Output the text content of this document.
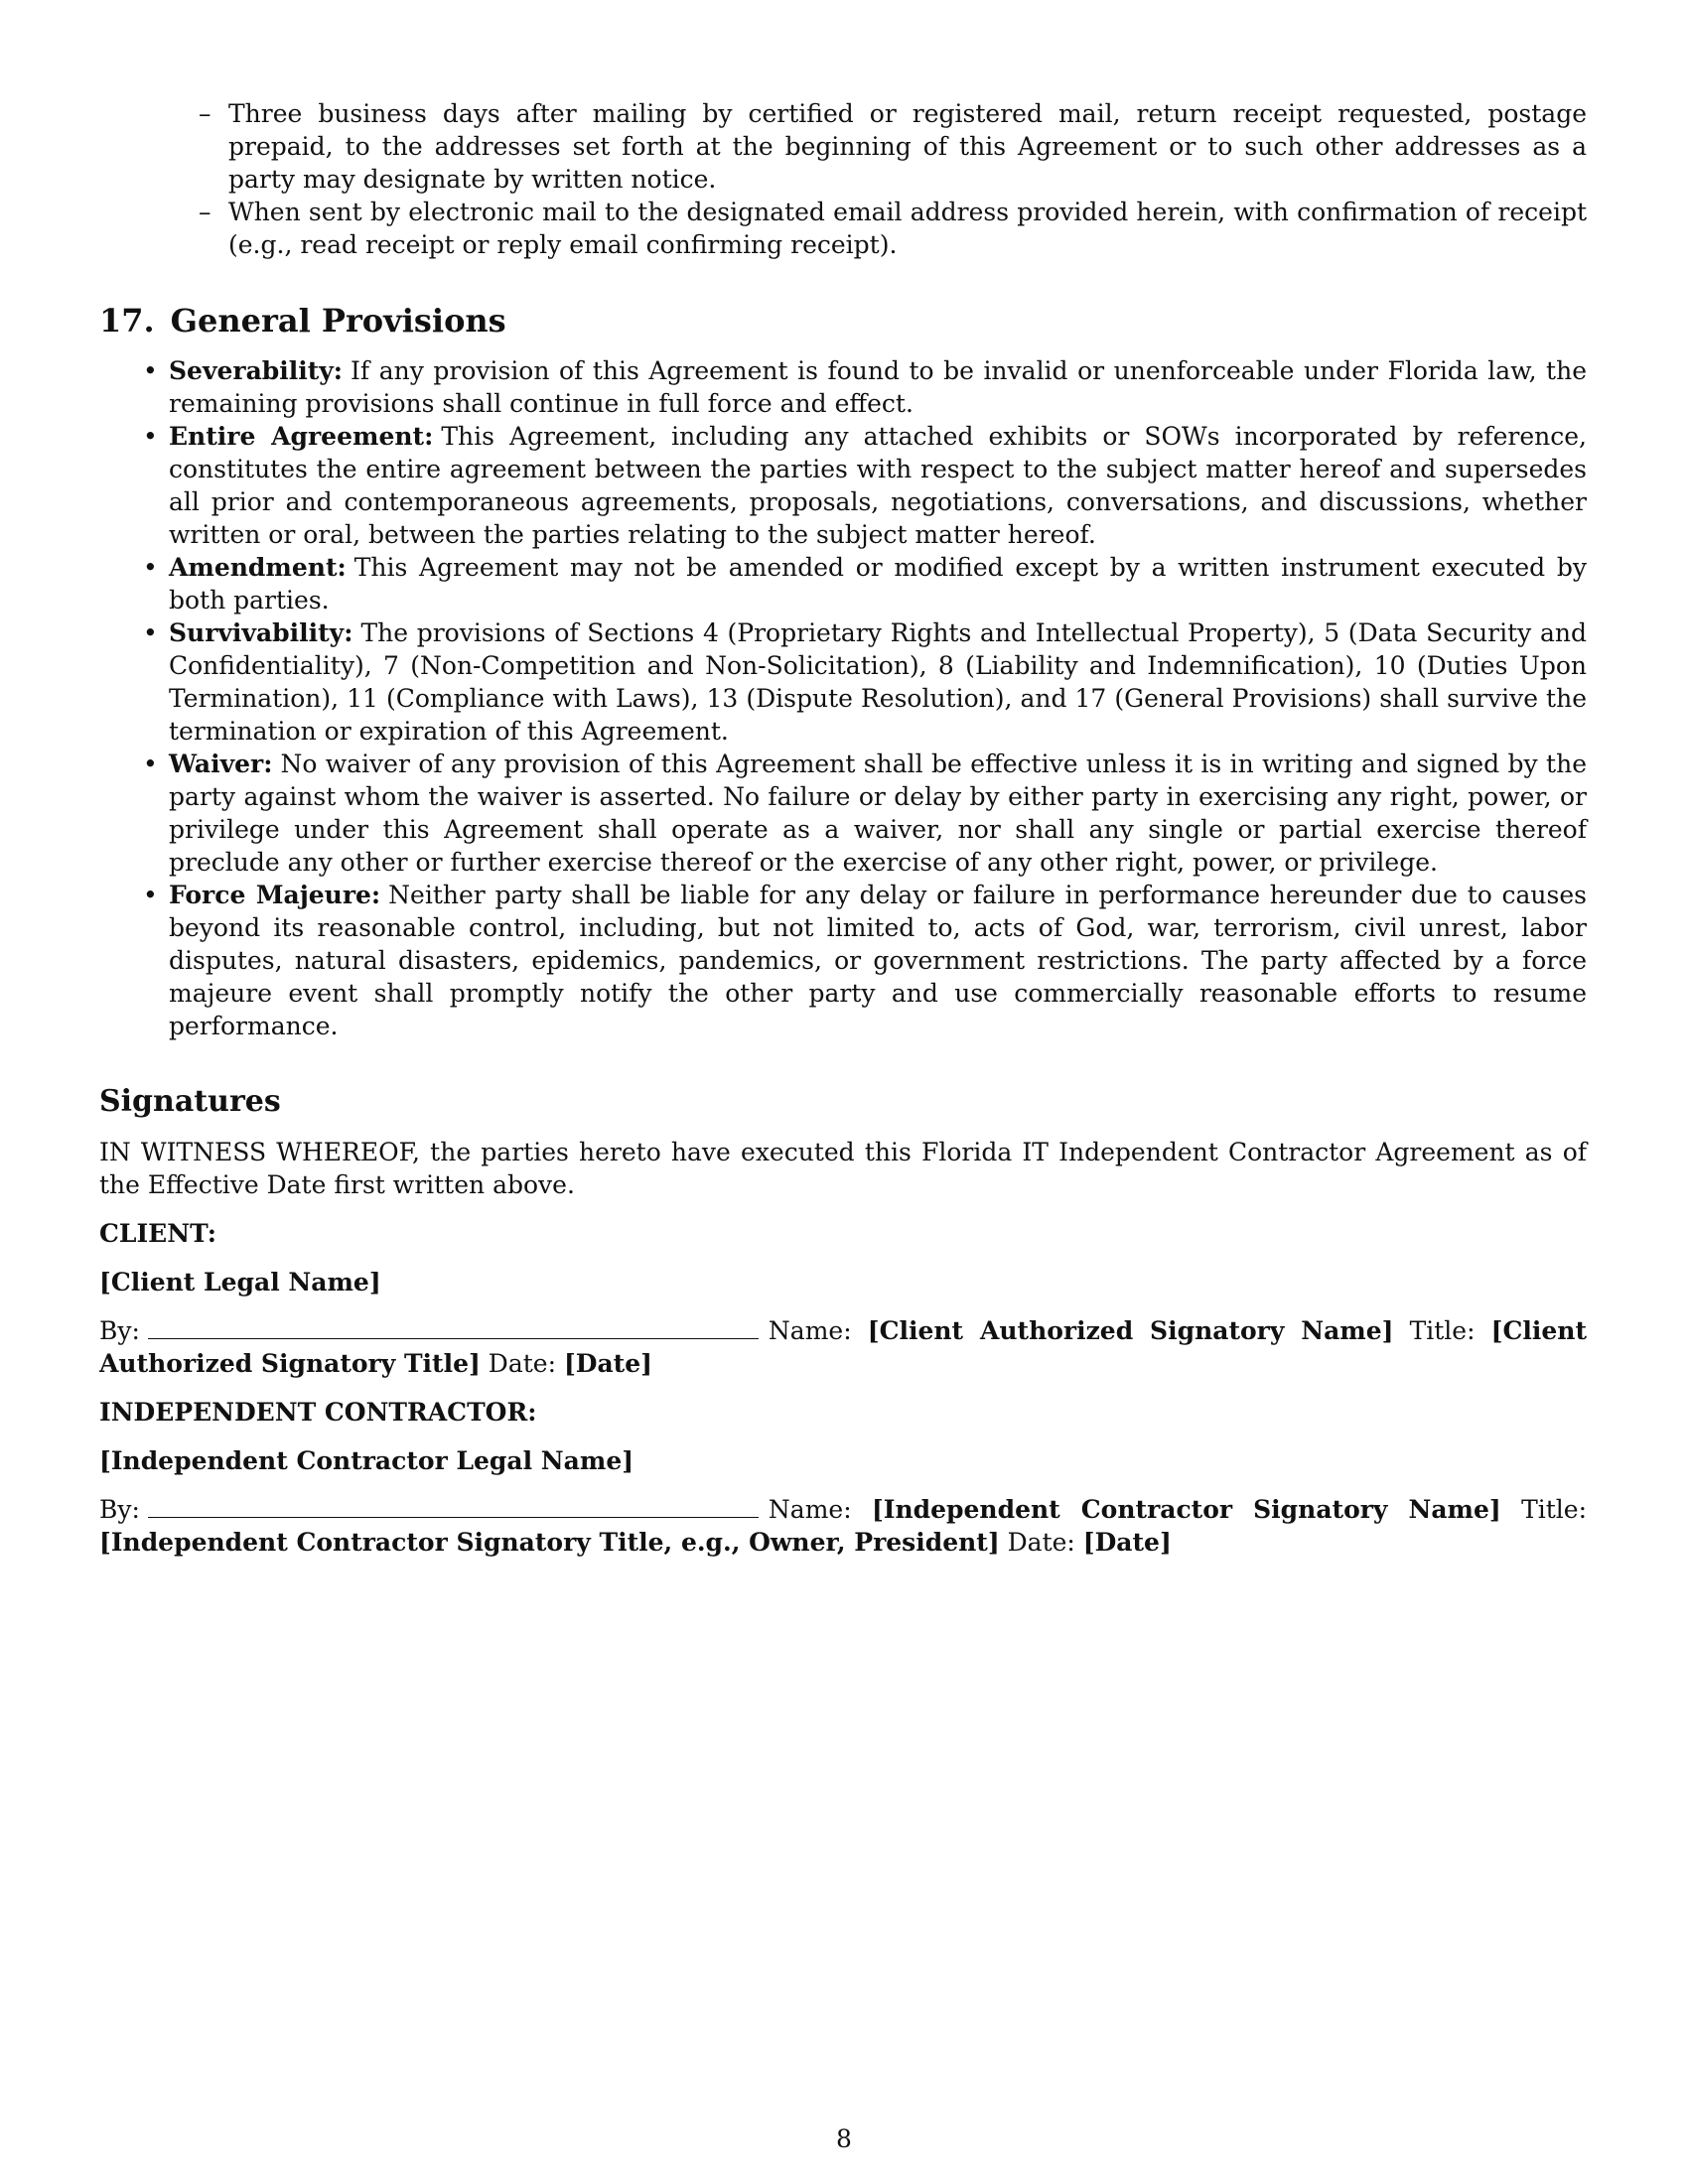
– Three business days after mailing by certified or registered mail, return receipt requested, postage prepaid, to the addresses set forth at the beginning of this Agreement or to such other addresses as a party may designate by written notice.
– When sent by electronic mail to the designated email address provided herein, with confirmation of receipt (e.g., read receipt or reply email confirming receipt).
17. General Provisions
• Severability: If any provision of this Agreement is found to be invalid or unenforceable under Florida law, the remaining provisions shall continue in full force and effect.
• Entire Agreement: This Agreement, including any attached exhibits or SOWs incorporated by reference, constitutes the entire agreement between the parties with respect to the subject matter hereof and supersedes all prior and contemporaneous agreements, proposals, negotiations, conversations, and discussions, whether written or oral, between the parties relating to the subject matter hereof.
• Amendment: This Agreement may not be amended or modified except by a written instrument executed by both parties.
• Survivability: The provisions of Sections 4 (Proprietary Rights and Intellectual Property), 5 (Data Security and Confidentiality), 7 (Non-Competition and Non-Solicitation), 8 (Liability and Indemnification), 10 (Duties Upon Termination), 11 (Compliance with Laws), 13 (Dispute Resolution), and 17 (General Provisions) shall survive the termination or expiration of this Agreement.
• Waiver: No waiver of any provision of this Agreement shall be effective unless it is in writing and signed by the party against whom the waiver is asserted. No failure or delay by either party in exercising any right, power, or privilege under this Agreement shall operate as a waiver, nor shall any single or partial exercise thereof preclude any other or further exercise thereof or the exercise of any other right, power, or privilege.
• Force Majeure: Neither party shall be liable for any delay or failure in performance hereunder due to causes beyond its reasonable control, including, but not limited to, acts of God, war, terrorism, civil unrest, labor disputes, natural disasters, epidemics, pandemics, or government restrictions. The party affected by a force majeure event shall promptly notify the other party and use commercially reasonable efforts to resume performance.
Signatures

IN WITNESS WHEREOF, the parties hereto have executed this Florida IT Independent Contractor Agreement as of the Effective Date first written above.

CLIENT:
[Client Legal Name]
By:	Name: [Client Authorized Signatory Name] Title: [Client Authorized Signatory Title] Date: [Date]
INDEPENDENT CONTRACTOR:
[Independent Contractor Legal Name]
By:	Name: [Independent Contractor Signatory Name] Title: [Independent Contractor Signatory Title, e.g., Owner, President] Date: [Date]
8
